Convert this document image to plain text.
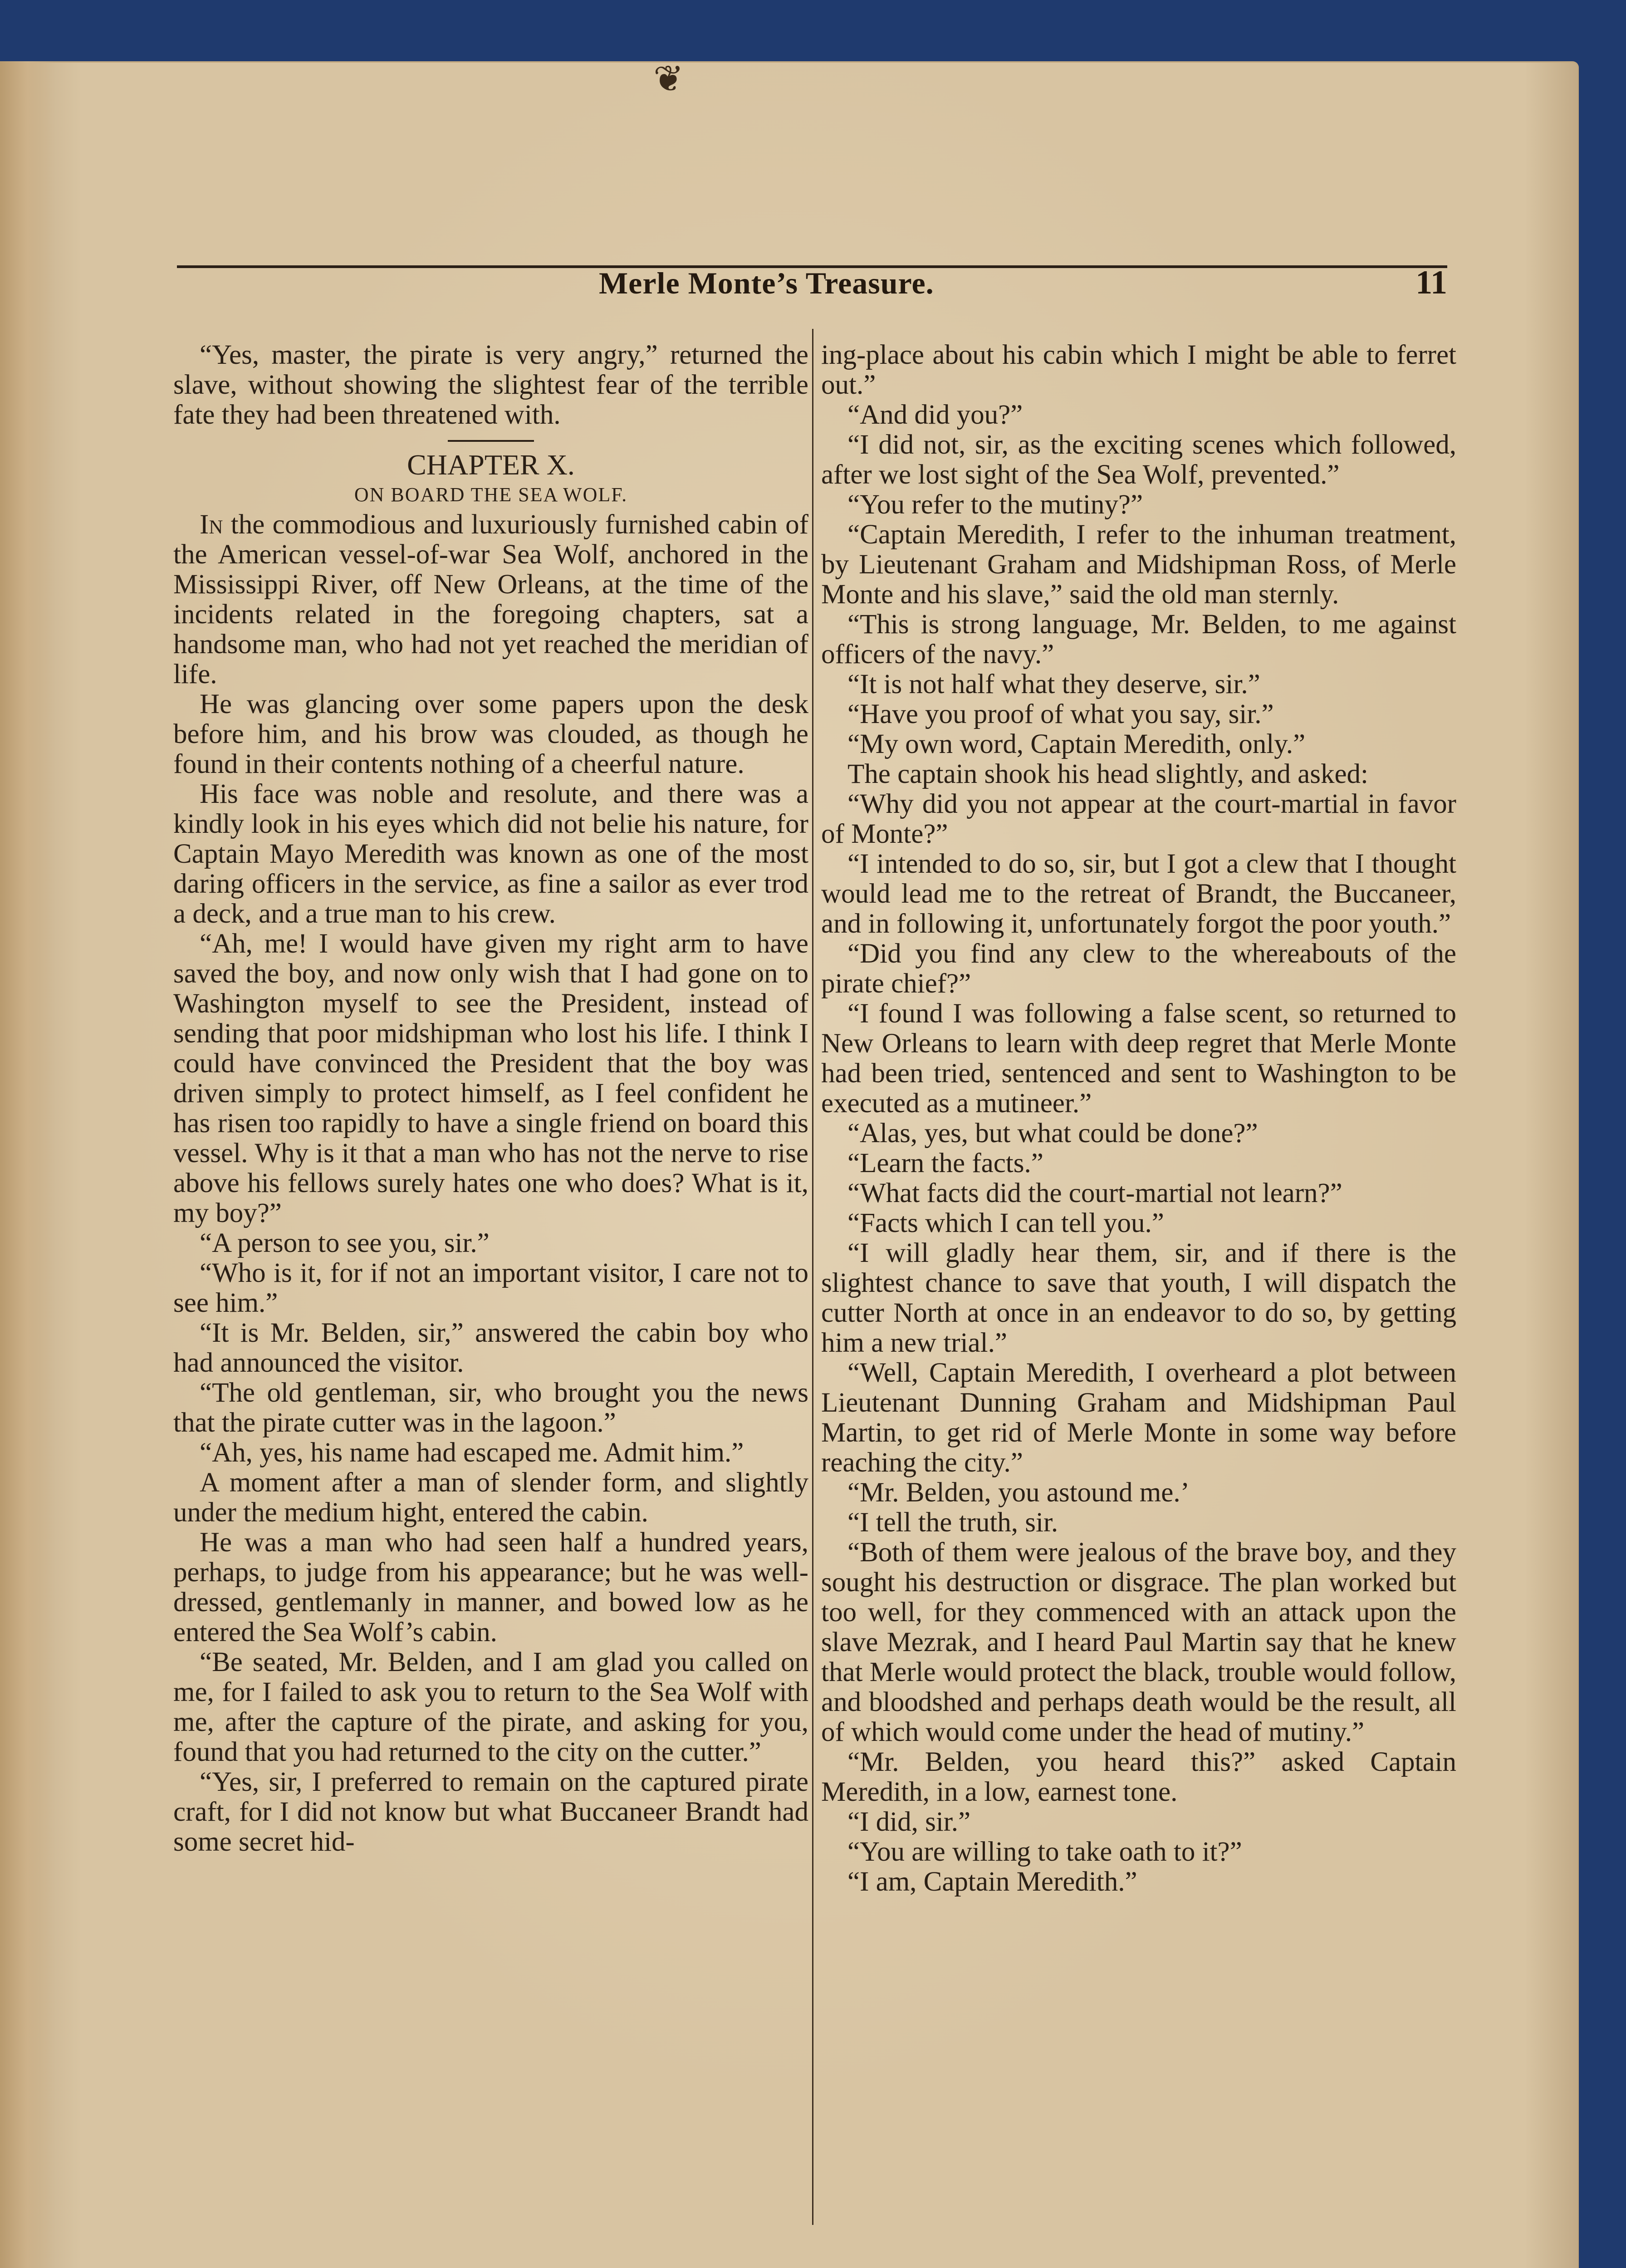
❦
Merle Monte’s Treasure.	11

“Yes, master, the pirate is very angry,” returned the slave, without showing the slightest fear of the terrible fate they had been threatened with.

CHAPTER X.

ON BOARD THE SEA WOLF.

In the commodious and luxuriously furnished cabin of the American vessel-of-war Sea Wolf, anchored in the Mississippi River, off New Orleans, at the time of the incidents related in the foregoing chapters, sat a handsome man, who had not yet reached the meridian of life.

He was glancing over some papers upon the desk before him, and his brow was clouded, as though he found in their contents nothing of a cheerful nature.

His face was noble and resolute, and there was a kindly look in his eyes which did not belie his nature, for Captain Mayo Meredith was known as one of the most daring officers in the service, as fine a sailor as ever trod a deck, and a true man to his crew.

“Ah, me! I would have given my right arm to have saved the boy, and now only wish that I had gone on to Washington myself to see the President, instead of sending that poor midshipman who lost his life. I think I could have convinced the President that the boy was driven simply to protect himself, as I feel confident he has risen too rapidly to have a single friend on board this vessel. Why is it that a man who has not the nerve to rise above his fellows surely hates one who does? What is it, my boy?”

“A person to see you, sir.”

“Who is it, for if not an important visitor, I care not to see him.”

“It is Mr. Belden, sir,” answered the cabin boy who had announced the visitor.

“The old gentleman, sir, who brought you the news that the pirate cutter was in the lagoon.”

“Ah, yes, his name had escaped me. Admit him.”

A moment after a man of slender form, and slightly under the medium hight, entered the cabin.

He was a man who had seen half a hundred years, perhaps, to judge from his appearance; but he was well-dressed, gentlemanly in manner, and bowed low as he entered the Sea Wolf’s cabin.

“Be seated, Mr. Belden, and I am glad you called on me, for I failed to ask you to return to the Sea Wolf with me, after the capture of the pirate, and asking for you, found that you had returned to the city on the cutter.”

“Yes, sir, I preferred to remain on the captured pirate craft, for I did not know but what Buccaneer Brandt had some secret hid-

ing-place about his cabin which I might be able to ferret out.”

“And did you?”

“I did not, sir, as the exciting scenes which followed, after we lost sight of the Sea Wolf, prevented.”

“You refer to the mutiny?”

“Captain Meredith, I refer to the inhuman treatment, by Lieutenant Graham and Midshipman Ross, of Merle Monte and his slave,” said the old man sternly.

“This is strong language, Mr. Belden, to me against officers of the navy.”

“It is not half what they deserve, sir.”

“Have you proof of what you say, sir.”

“My own word, Captain Meredith, only.”

The captain shook his head slightly, and asked:

“Why did you not appear at the court-martial in favor of Monte?”

“I intended to do so, sir, but I got a clew that I thought would lead me to the retreat of Brandt, the Buccaneer, and in following it, unfortunately forgot the poor youth.”

“Did you find any clew to the whereabouts of the pirate chief?”

“I found I was following a false scent, so returned to New Orleans to learn with deep regret that Merle Monte had been tried, sentenced and sent to Washington to be executed as a mutineer.”

“Alas, yes, but what could be done?”

“Learn the facts.”

“What facts did the court-martial not learn?”

“Facts which I can tell you.”

“I will gladly hear them, sir, and if there is the slightest chance to save that youth, I will dispatch the cutter North at once in an endeavor to do so, by getting him a new trial.”

“Well, Captain Meredith, I overheard a plot between Lieutenant Dunning Graham and Midshipman Paul Martin, to get rid of Merle Monte in some way before reaching the city.”

“Mr. Belden, you astound me.’

“I tell the truth, sir.

“Both of them were jealous of the brave boy, and they sought his destruction or disgrace. The plan worked but too well, for they commenced with an attack upon the slave Mezrak, and I heard Paul Martin say that he knew that Merle would protect the black, trouble would follow, and bloodshed and perhaps death would be the result, all of which would come under the head of mutiny.”

“Mr. Belden, you heard this?” asked Captain Meredith, in a low, earnest tone.

“I did, sir.”

“You are willing to take oath to it?”

“I am, Captain Meredith.”
